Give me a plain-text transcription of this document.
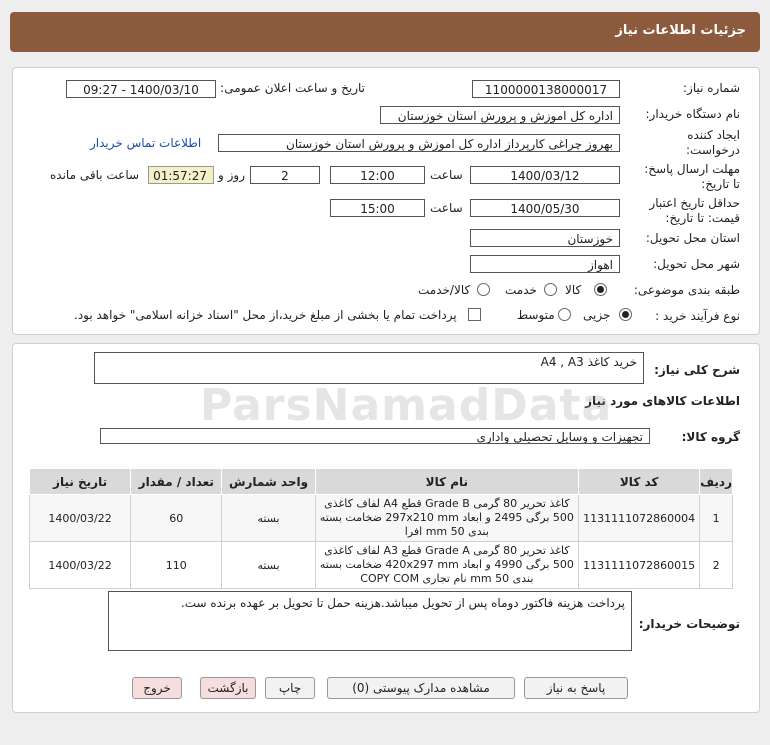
جزئیات اطلاعات نیاز
شماره نیاز:
1100000138000017
تاریخ و ساعت اعلان عمومی:
1400/03/10 - 09:27
نام دستگاه خریدار:
اداره کل اموزش و پرورش استان خوزستان
ایجاد کننده
درخواست:
بهروز چراغی کارپرداز اداره کل اموزش و پرورش استان خوزستان
اطلاعات تماس خریدار
مهلت ارسال پاسخ:
تا تاریخ:
1400/03/12
ساعت
12:00
2
روز و
01:57:27
ساعت باقی مانده
حداقل تاریخ اعتبار
قیمت: تا تاریخ:
1400/05/30
ساعت
15:00
استان محل تحویل:
خوزستان
شهر محل تحویل:
اهواز
طبقه بندی موضوعی:
کالا
خدمت
کالا/خدمت
نوع فرآیند خرید :
جزیی
متوسط
پرداخت تمام یا بخشی از مبلغ خرید،از محل "اسناد خزانه اسلامی" خواهد بود.
شرح کلی نیاز:
خرید کاغذ A4 , A3
اطلاعات کالاهای مورد نیاز
گروه کالا:
تجهیزات و وسایل تحصیلی واداری
ردیف	کد کالا	نام کالا	واحد شمارش	تعداد / مقدار	تاریخ نیاز
1	1131111072860004	کاغذ تحریر 80 گرمی Grade B قطع A4 لفاف کاغذی 500 برگی 2495 و ابعاد 297x210 mm ضخامت بسته بندی 50 mm افرا	بسته	60	1400/03/22
2	1131111072860015	کاغذ تحریر 80 گرمی Grade A قطع A3 لفاف کاغذی 500 برگی 4990 و ابعاد 420x297 mm ضخامت بسته بندی 50 mm نام تجاری COPY COM	بسته	110	1400/03/22
توضیحات خریدار:
پرداخت هزینه فاکتور دوماه پس از تحویل میباشد.هزینه حمل تا تحویل بر عهده برنده ست.
پاسخ به نیاز
مشاهده مدارک پیوستی (0)
چاپ
بازگشت
خروج
ParsNamadData
